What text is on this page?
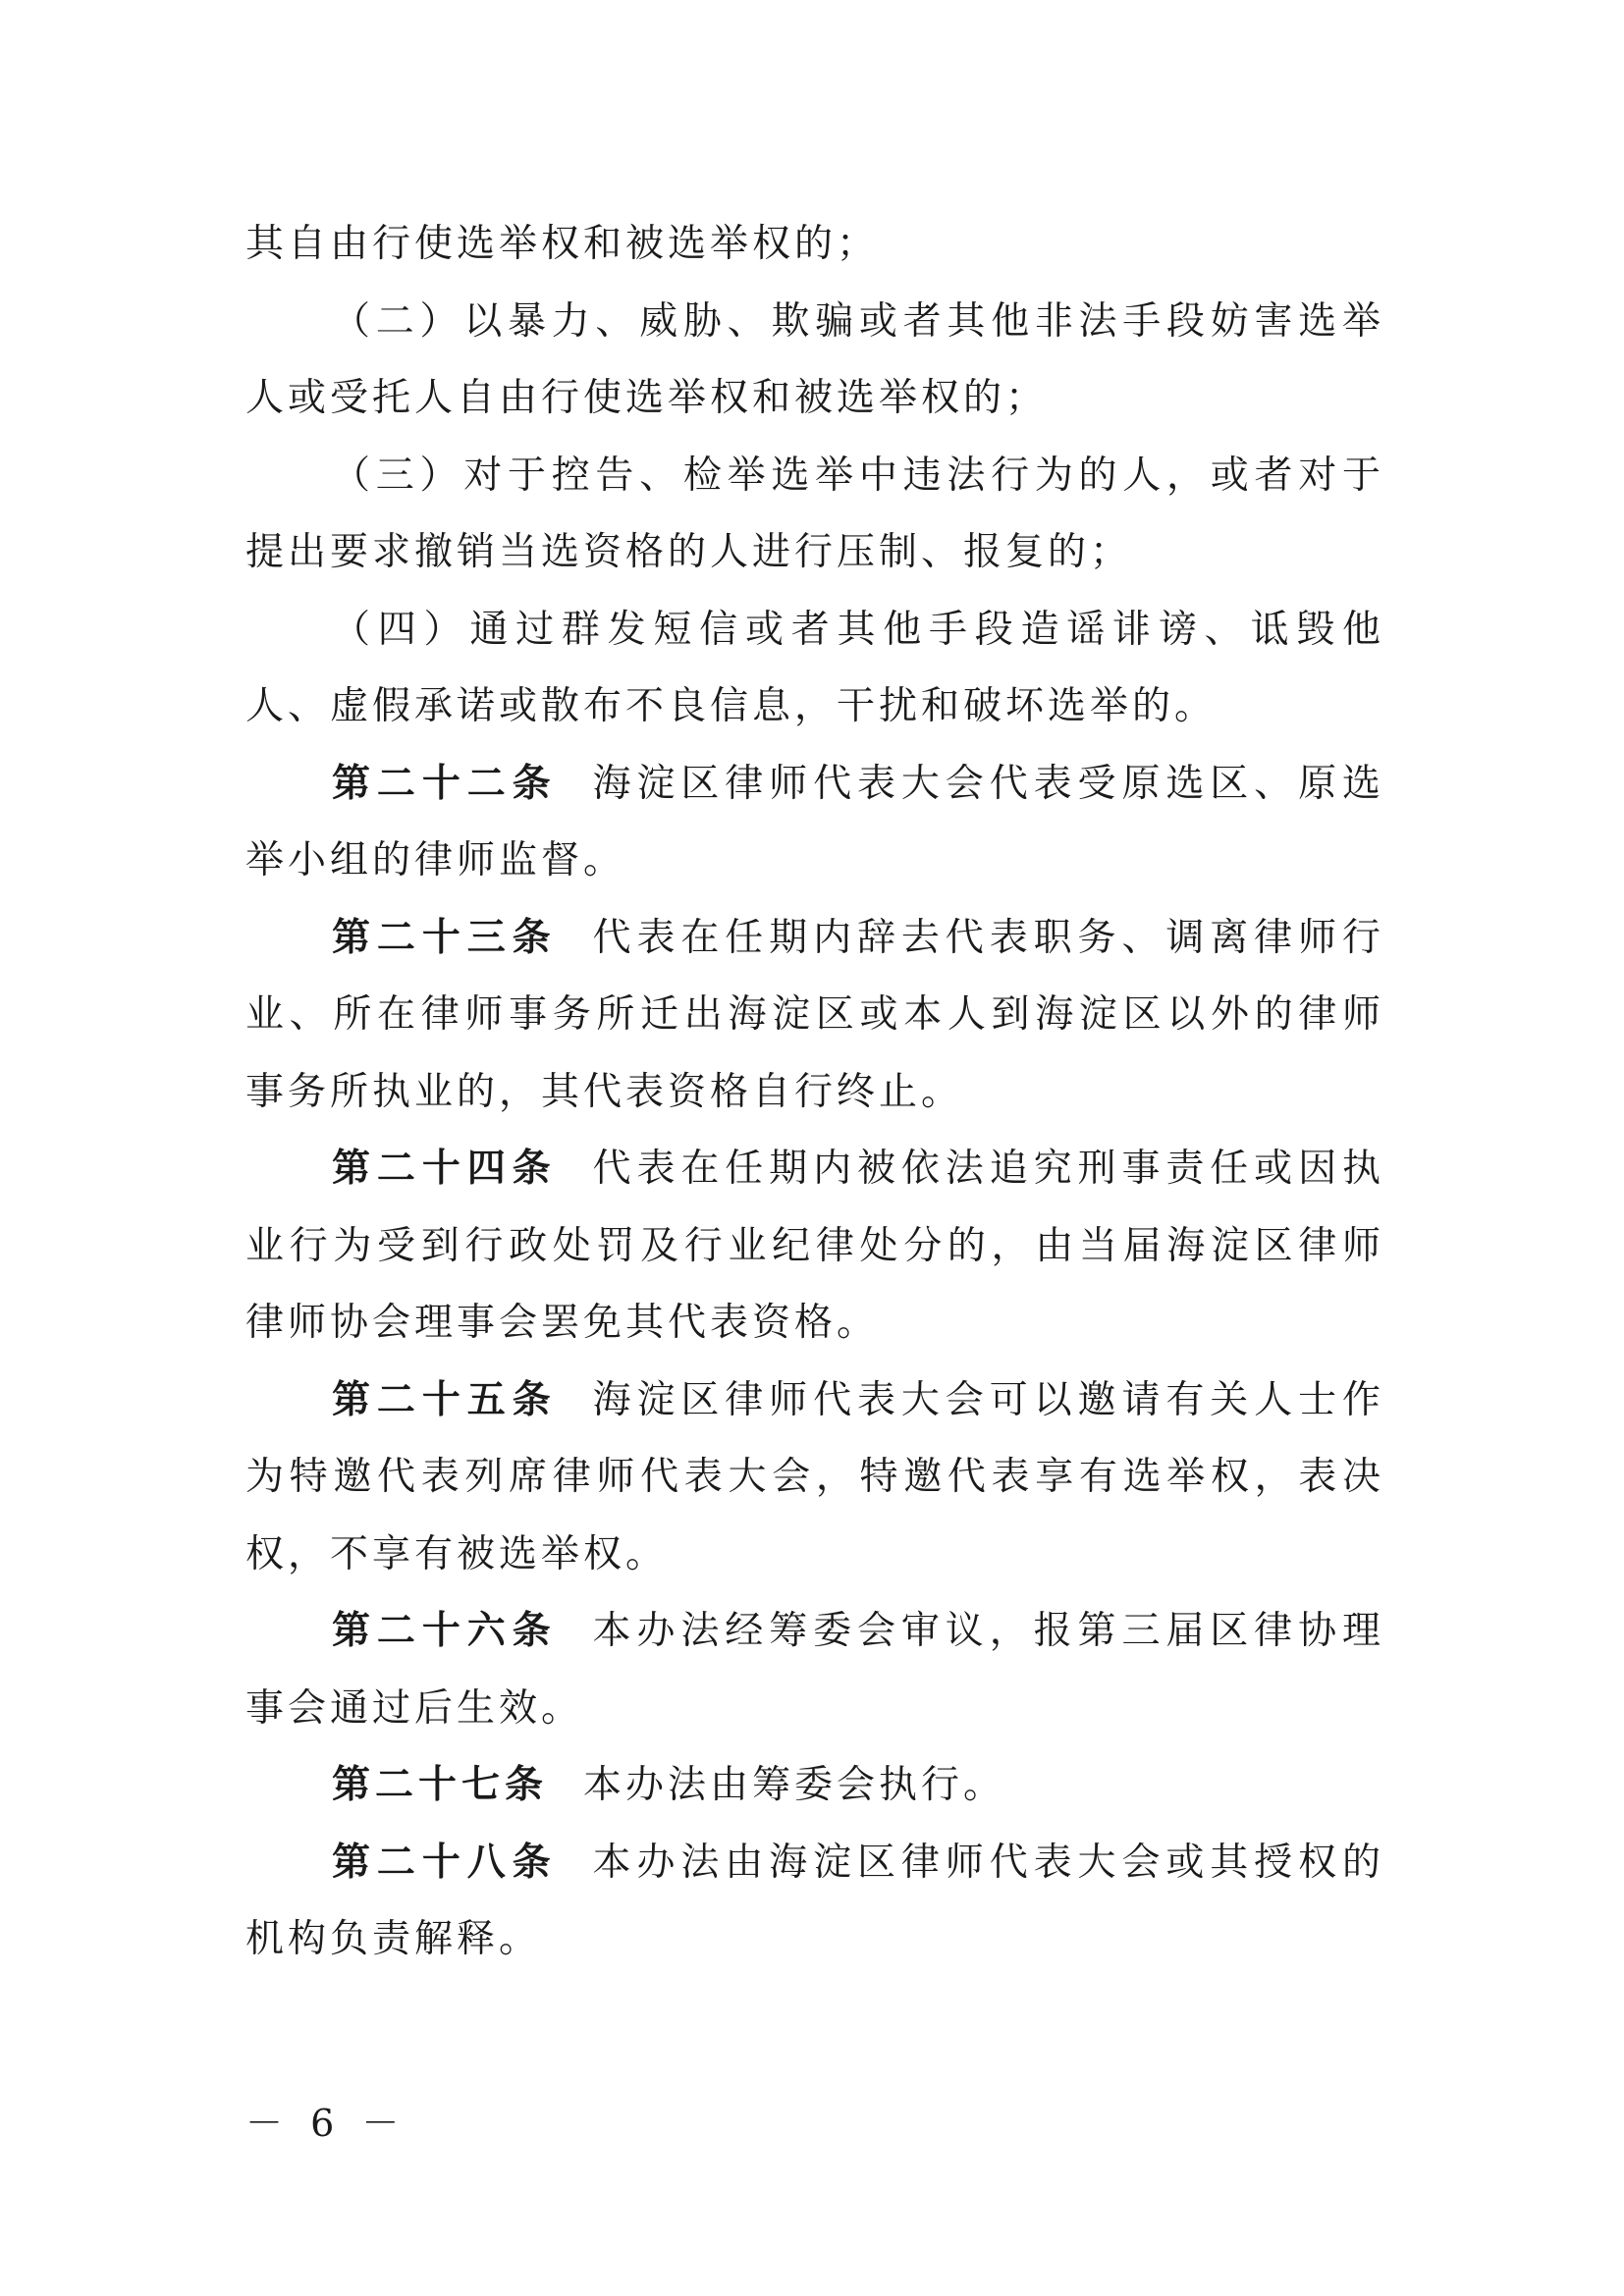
其自由行使选举权和被选举权的；

（二）以暴力、威胁、欺骗或者其他非法手段妨害选举人或受托人自由行使选举权和被选举权的；

（三）对于控告、检举选举中违法行为的人，或者对于提出要求撤销当选资格的人进行压制、报复的；

（四）通过群发短信或者其他手段造谣诽谤、诋毁他人、虚假承诺或散布不良信息，干扰和破坏选举的。

第二十二条 海淀区律师代表大会代表受原选区、原选举小组的律师监督。

第二十三条 代表在任期内辞去代表职务、调离律师行业、所在律师事务所迁出海淀区或本人到海淀区以外的律师事务所执业的，其代表资格自行终止。

第二十四条 代表在任期内被依法追究刑事责任或因执业行为受到行政处罚及行业纪律处分的，由当届海淀区律师律师协会理事会罢免其代表资格。

第二十五条 海淀区律师代表大会可以邀请有关人士作为特邀代表列席律师代表大会，特邀代表享有选举权，表决权，不享有被选举权。

第二十六条 本办法经筹委会审议，报第三届区律协理事会通过后生效。

第二十七条 本办法由筹委会执行。

第二十八条 本办法由海淀区律师代表大会或其授权的机构负责解释。

－ 6 －
